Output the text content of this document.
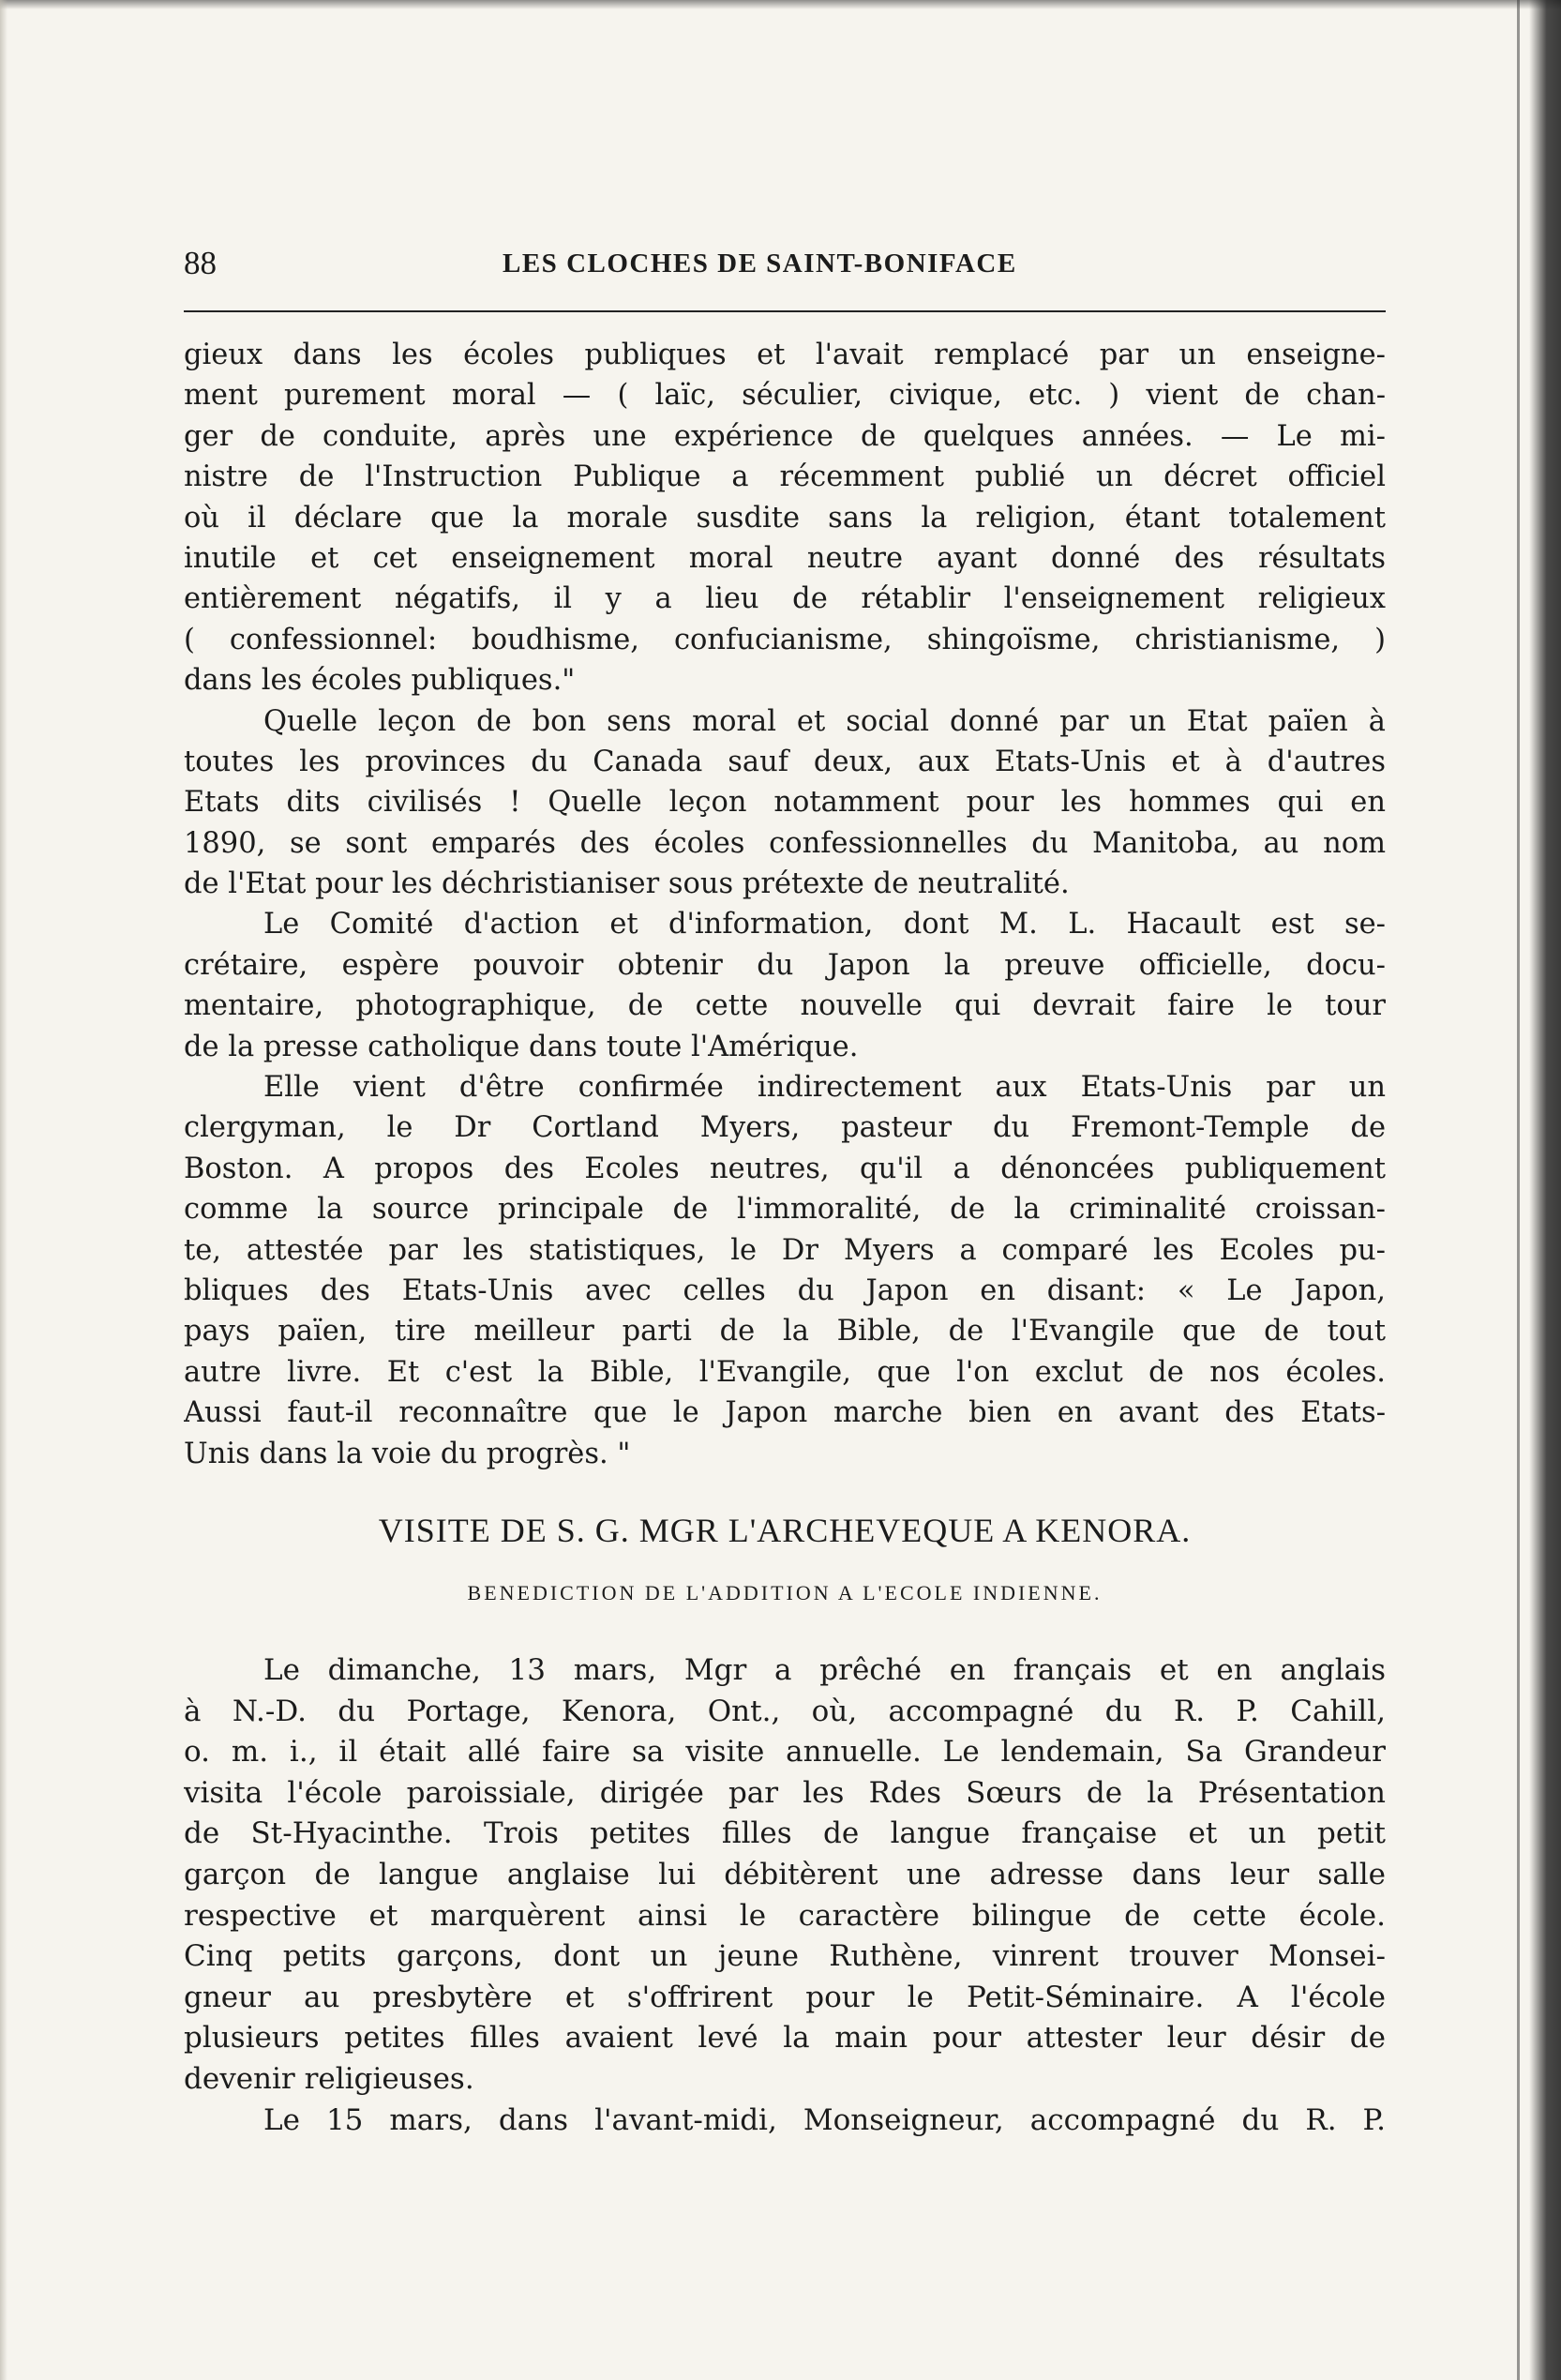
88	LES CLOCHES DE SAINT-BONIFACE
gieux dans les écoles publiques et l'avait remplacé par un enseigne-
ment purement moral — ( laïc, séculier, civique, etc. ) vient de chan-
ger de conduite, après une expérience de quelques années. — Le mi-
nistre de l'Instruction Publique a récemment publié un décret officiel
où il déclare que la morale susdite sans la religion, étant totalement
inutile et cet enseignement moral neutre ayant donné des résultats
entièrement négatifs, il y a lieu de rétablir l'enseignement religieux
( confessionnel: boudhisme, confucianisme, shingoïsme, christianisme, )
dans les écoles publiques."
Quelle leçon de bon sens moral et social donné par un Etat païen à
toutes les provinces du Canada sauf deux, aux Etats-Unis et à d'autres
Etats dits civilisés ! Quelle leçon notamment pour les hommes qui en
1890, se sont emparés des écoles confessionnelles du Manitoba, au nom
de l'Etat pour les déchristianiser sous prétexte de neutralité.
Le Comité d'action et d'information, dont M. L. Hacault est se-
crétaire, espère pouvoir obtenir du Japon la preuve officielle, docu-
mentaire, photographique, de cette nouvelle qui devrait faire le tour
de la presse catholique dans toute l'Amérique.
Elle vient d'être confirmée indirectement aux Etats-Unis par un
clergyman, le Dr Cortland Myers, pasteur du Fremont-Temple de
Boston. A propos des Ecoles neutres, qu'il a dénoncées publiquement
comme la source principale de l'immoralité, de la criminalité croissan-
te, attestée par les statistiques, le Dr Myers a comparé les Ecoles pu-
bliques des Etats-Unis avec celles du Japon en disant: « Le Japon,
pays païen, tire meilleur parti de la Bible, de l'Evangile que de tout
autre livre. Et c'est la Bible, l'Evangile, que l'on exclut de nos écoles.
Aussi faut-il reconnaître que le Japon marche bien en avant des Etats-
Unis dans la voie du progrès. "
VISITE DE S. G. MGR L'ARCHEVEQUE A KENORA.
BENEDICTION DE L'ADDITION A L'ECOLE INDIENNE.
Le dimanche, 13 mars, Mgr a prêché en français et en anglais
à N.-D. du Portage, Kenora, Ont., où, accompagné du R. P. Cahill,
o. m. i., il était allé faire sa visite annuelle. Le lendemain, Sa Grandeur
visita l'école paroissiale, dirigée par les Rdes Sœurs de la Présentation
de St-Hyacinthe. Trois petites filles de langue française et un petit
garçon de langue anglaise lui débitèrent une adresse dans leur salle
respective et marquèrent ainsi le caractère bilingue de cette école.
Cinq petits garçons, dont un jeune Ruthène, vinrent trouver Monsei-
gneur au presbytère et s'offrirent pour le Petit-Séminaire. A l'école
plusieurs petites filles avaient levé la main pour attester leur désir de
devenir religieuses.
Le 15 mars, dans l'avant-midi, Monseigneur, accompagné du R. P.
